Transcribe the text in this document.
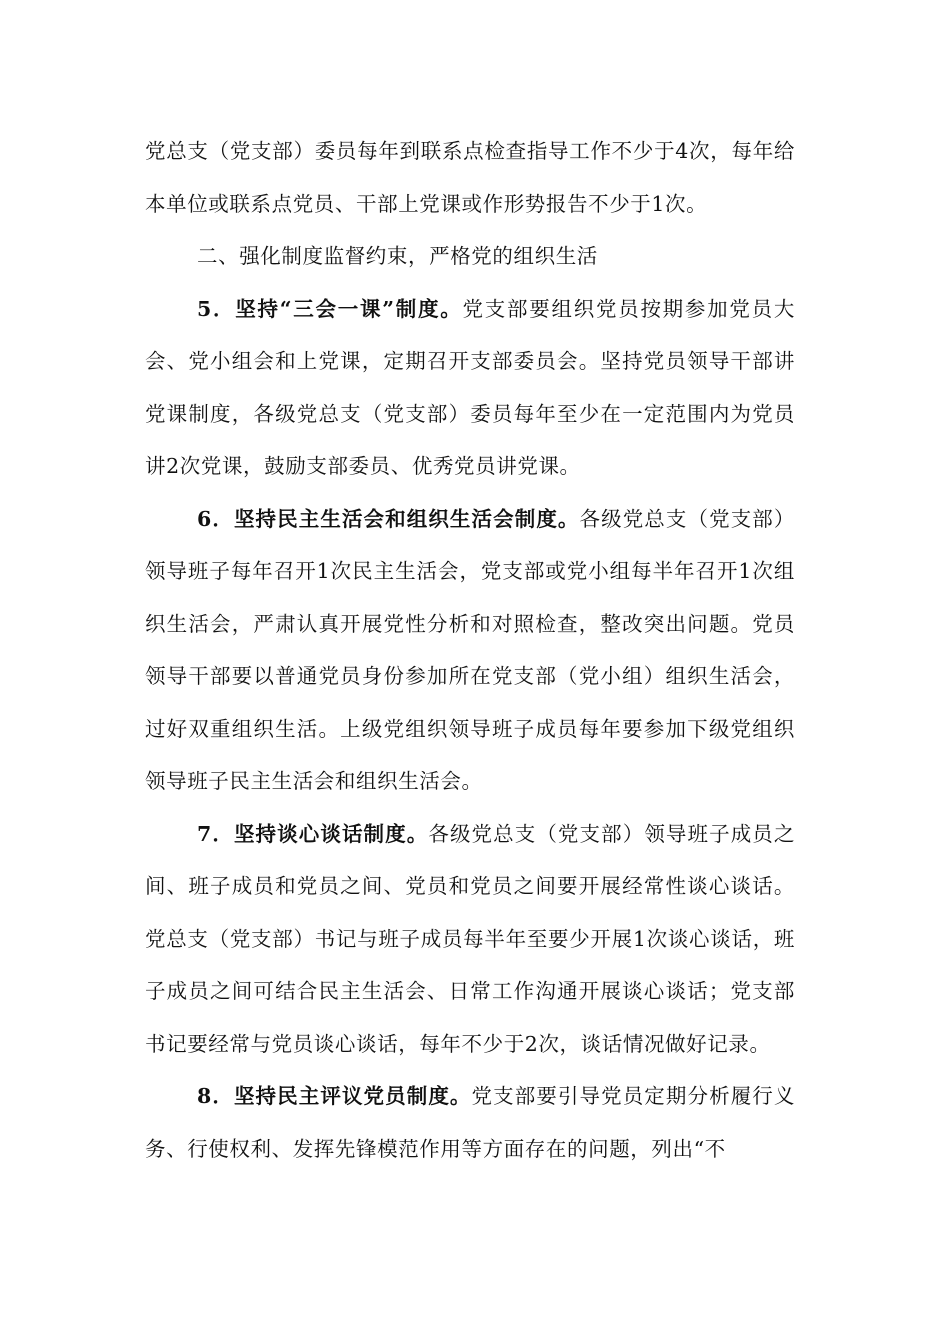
党总支（党支部）委员每年到联系点检查指导工作不少于4次，每年给本单位或联系点党员、干部上党课或作形势报告不少于1次。

二、强化制度监督约束，严格党的组织生活

5．坚持“三会一课”制度。党支部要组织党员按期参加党员大会、党小组会和上党课，定期召开支部委员会。坚持党员领导干部讲党课制度，各级党总支（党支部）委员每年至少在一定范围内为党员讲2次党课，鼓励支部委员、优秀党员讲党课。

6．坚持民主生活会和组织生活会制度。各级党总支（党支部）领导班子每年召开1次民主生活会，党支部或党小组每半年召开1次组织生活会，严肃认真开展党性分析和对照检查，整改突出问题。党员领导干部要以普通党员身份参加所在党支部（党小组）组织生活会，过好双重组织生活。上级党组织领导班子成员每年要参加下级党组织领导班子民主生活会和组织生活会。

7．坚持谈心谈话制度。各级党总支（党支部）领导班子成员之间、班子成员和党员之间、党员和党员之间要开展经常性谈心谈话。党总支（党支部）书记与班子成员每半年至要少开展1次谈心谈话，班子成员之间可结合民主生活会、日常工作沟通开展谈心谈话；党支部书记要经常与党员谈心谈话，每年不少于2次，谈话情况做好记录。

8．坚持民主评议党员制度。党支部要引导党员定期分析履行义务、行使权利、发挥先锋模范作用等方面存在的问题，列出“不
